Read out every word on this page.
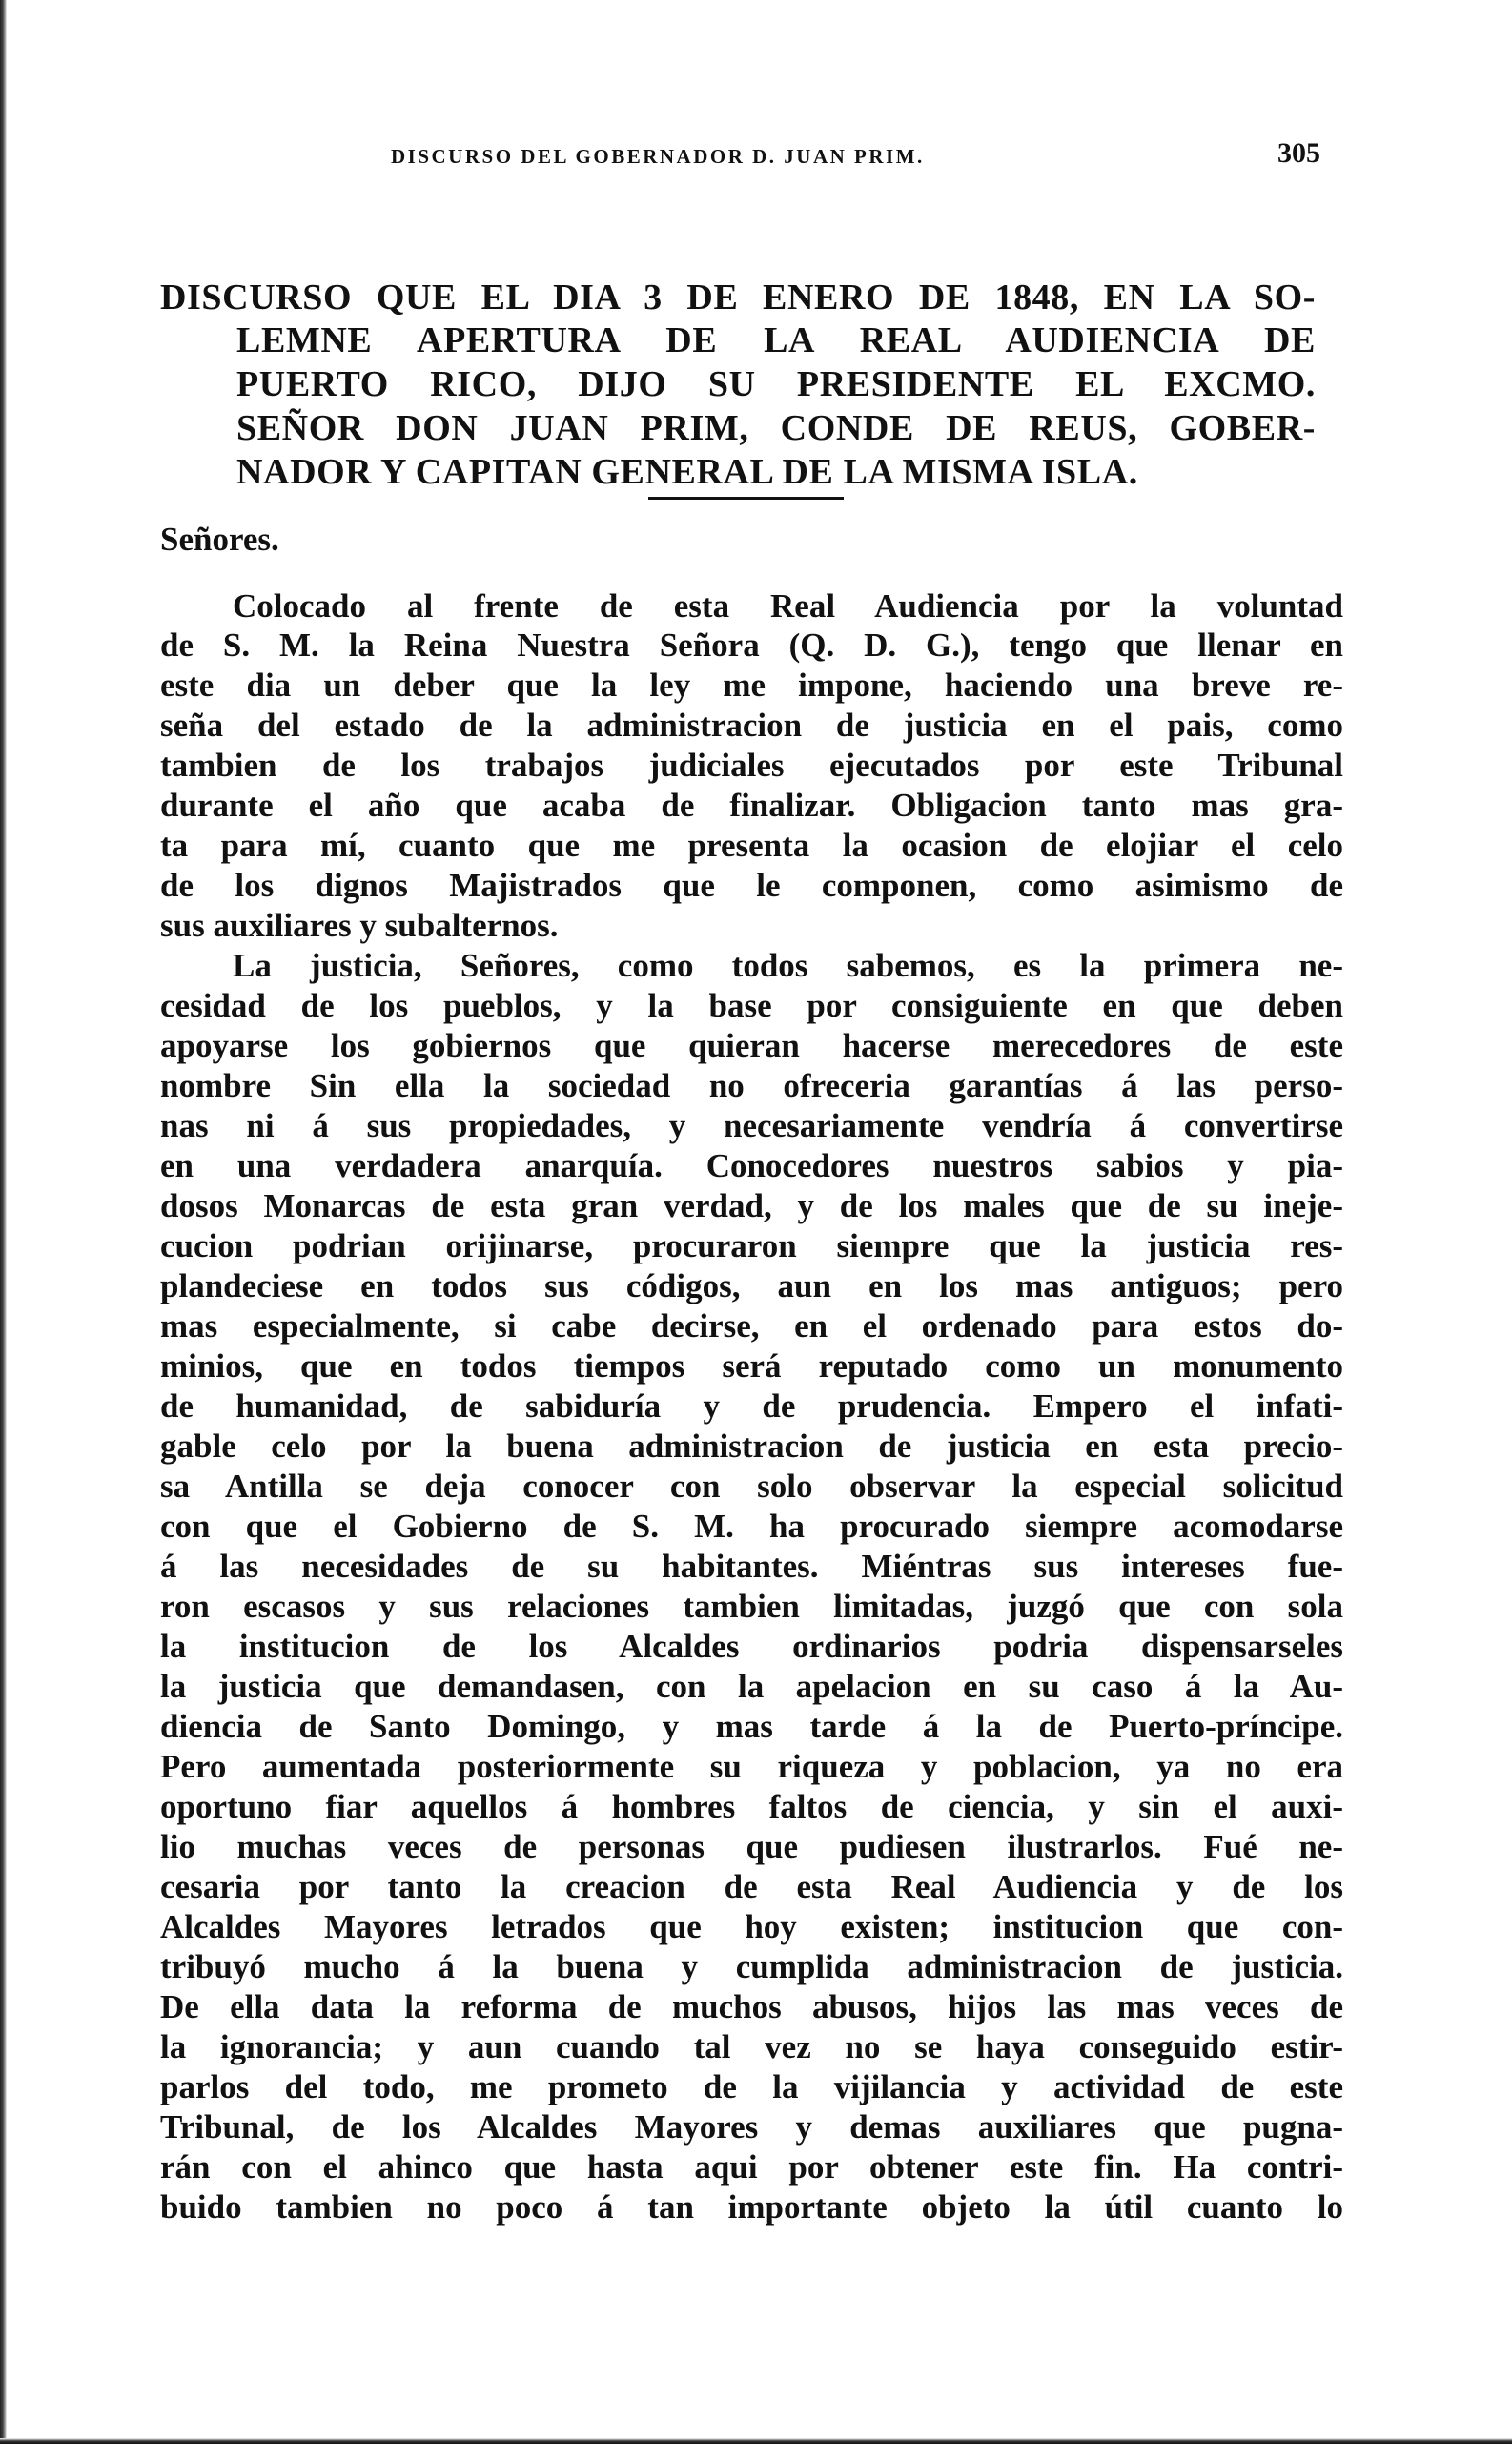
DISCURSO DEL GOBERNADOR D. JUAN PRIM.	305
DISCURSO QUE EL DIA 3 DE ENERO DE 1848, EN LA SO-
LEMNE APERTURA DE LA REAL AUDIENCIA DE
PUERTO RICO, DIJO SU PRESIDENTE EL EXCMO.
SEÑOR DON JUAN PRIM, CONDE DE REUS, GOBER-
NADOR Y CAPITAN GENERAL DE LA MISMA ISLA.
Señores.
Colocado al frente de esta Real Audiencia por la voluntad
de S. M. la Reina Nuestra Señora (Q. D. G.), tengo que llenar en
este dia un deber que la ley me impone, haciendo una breve re-
seña del estado de la administracion de justicia en el pais, como
tambien de los trabajos judiciales ejecutados por este Tribunal
durante el año que acaba de finalizar. Obligacion tanto mas gra-
ta para mí, cuanto que me presenta la ocasion de elojiar el celo
de los dignos Majistrados que le componen, como asimismo de
sus auxiliares y subalternos.
La justicia, Señores, como todos sabemos, es la primera ne-
cesidad de los pueblos, y la base por consiguiente en que deben
apoyarse los gobiernos que quieran hacerse merecedores de este
nombre Sin ella la sociedad no ofreceria garantías á las perso-
nas ni á sus propiedades, y necesariamente vendría á convertirse
en una verdadera anarquía. Conocedores nuestros sabios y pia-
dosos Monarcas de esta gran verdad, y de los males que de su ineje-
cucion podrian orijinarse, procuraron siempre que la justicia res-
plandeciese en todos sus códigos, aun en los mas antiguos; pero
mas especialmente, si cabe decirse, en el ordenado para estos do-
minios, que en todos tiempos será reputado como un monumento
de humanidad, de sabiduría y de prudencia. Empero el infati-
gable celo por la buena administracion de justicia en esta precio-
sa Antilla se deja conocer con solo observar la especial solicitud
con que el Gobierno de S. M. ha procurado siempre acomodarse
á las necesidades de su habitantes. Miéntras sus intereses fue-
ron escasos y sus relaciones tambien limitadas, juzgó que con sola
la institucion de los Alcaldes ordinarios podria dispensarseles
la justicia que demandasen, con la apelacion en su caso á la Au-
diencia de Santo Domingo, y mas tarde á la de Puerto-príncipe.
Pero aumentada posteriormente su riqueza y poblacion, ya no era
oportuno fiar aquellos á hombres faltos de ciencia, y sin el auxi-
lio muchas veces de personas que pudiesen ilustrarlos. Fué ne-
cesaria por tanto la creacion de esta Real Audiencia y de los
Alcaldes Mayores letrados que hoy existen; institucion que con-
tribuyó mucho á la buena y cumplida administracion de justicia.
De ella data la reforma de muchos abusos, hijos las mas veces de
la ignorancia; y aun cuando tal vez no se haya conseguido estir-
parlos del todo, me prometo de la vijilancia y actividad de este
Tribunal, de los Alcaldes Mayores y demas auxiliares que pugna-
rán con el ahinco que hasta aqui por obtener este fin. Ha contri-
buido tambien no poco á tan importante objeto la útil cuanto lo
